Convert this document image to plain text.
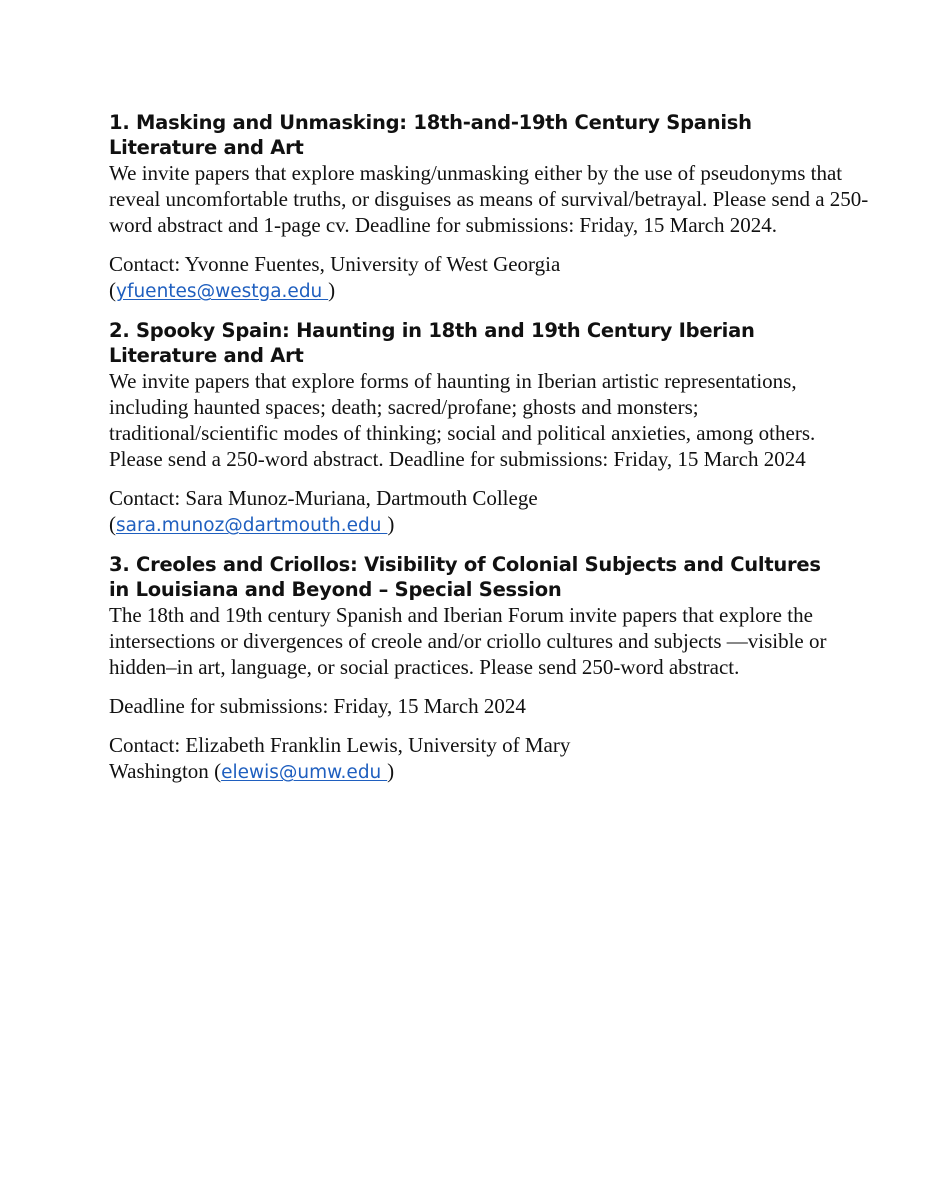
1. Masking and Unmasking: 18th-and-19th Century Spanish
Literature and Art

We invite papers that explore masking/unmasking either by the use of pseudonyms that reveal uncomfortable truths, or disguises as means of survival/betrayal. Please send a 250-word abstract and 1-page cv. Deadline for submissions: Friday, 15 March 2024.

Contact: Yvonne Fuentes, University of West Georgia
(yfuentes@westga.edu )

2. Spooky Spain: Haunting in 18th and 19th Century Iberian
Literature and Art

We invite papers that explore forms of haunting in Iberian artistic representations, including haunted spaces; death; sacred/profane; ghosts and monsters; traditional/scientific modes of thinking; social and political anxieties, among others. Please send a 250-word abstract. Deadline for submissions: Friday, 15 March 2024

Contact: Sara Munoz-Muriana, Dartmouth College
(sara.munoz@dartmouth.edu )

3. Creoles and Criollos: Visibility of Colonial Subjects and Cultures
in Louisiana and Beyond – Special Session

The 18th and 19th century Spanish and Iberian Forum invite papers that explore the intersections or divergences of creole and/or criollo cultures and subjects —visible or hidden–in art, language, or social practices. Please send 250-word abstract.

Deadline for submissions: Friday, 15 March 2024

Contact: Elizabeth Franklin Lewis, University of Mary
Washington (elewis@umw.edu )
